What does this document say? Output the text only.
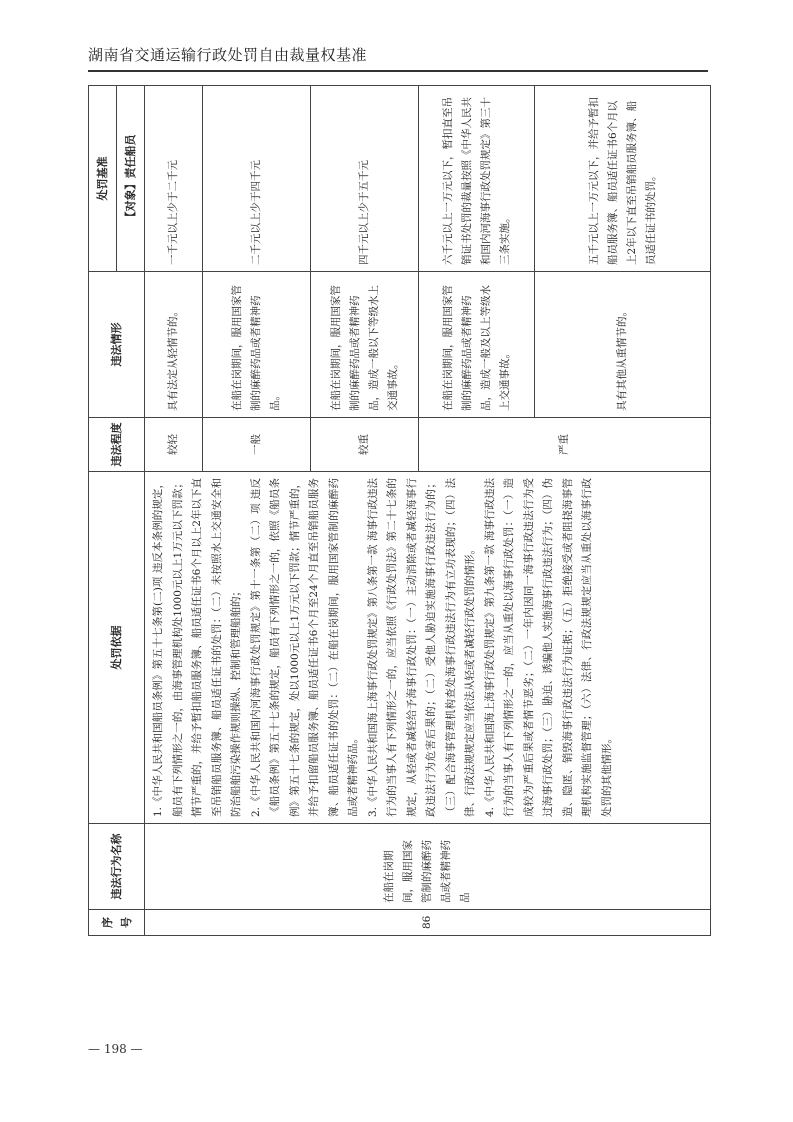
湖南省交通运输行政处罚自由裁量权基准
序号	违法行为名称	处罚依据	违法程度	违法情形	处罚基准
					【对象】责任船员
86	在船在岗期间，服用国家管制的麻醉药品或者精神药品	1.《中华人民共和国船员条例》第五十七条第(二)项 违反本条例的规定，船员有下列情形之一的，由海事管理机构处1000元以上1万元以下罚款；情节严重的，并给予暂扣船员服务簿、船员适任证书6个月以上2年以下直至吊销船员服务簿、船员适任证书的处罚：（二）未按照水上交通安全和防治船舶污染操作规则操纵、控制和管理船舶的； 2.《中华人民共和国内河海事行政处罚规定》第十一条第（二）项 违反《船员条例》第五十七条的规定，船员有下列情形之一的，依照《船员条例》第五十七条的规定，处以1000元以上1万元以下罚款；情节严重的，并给予扣留船员服务簿、船员适任证书6个月至24个月直至吊销船员服务簿、船员适任证书的处罚：（二）在船在岗期间，服用国家管制的麻醉药品或者精神药品。 3.《中华人民共和国海上海事行政处罚规定》第八条第一款 海事行政违法行为的当事人有下列情形之一的，应当依照《行政处罚法》第二十七条的规定，从轻或者减轻给予海事行政处罚：（一）主动消除或者减轻海事行政违法行为危害后果的；（二）受他人胁迫实施海事行政违法行为的；（三）配合海事管理机构查处海事行政违法行为有立功表现的；（四）法律、行政法规规定应当依法从轻或者减轻行政处罚的情形。 4.《中华人民共和国海上海事行政处罚规定》第九条第一款 海事行政违法行为的当事人有下列情形之一的，应当从重处以海事行政处罚：（一）造成较为严重后果或者情节恶劣；（二）一年内因同一海事行政违法行为受过海事行政处罚；（三）胁迫、诱骗他人实施海事行政违法行为；（四）伪造、隐匿、销毁海事行政违法行为证据；（五）拒绝接受或者阻挠海事管理机构实施监督管理；（六）法律、行政法规规定应当从重处以海事行政处罚的其他情形。	较轻	具有法定从轻情节的。	一千元以上少于二千元
			一般	在船在岗期间，服用国家管制的麻醉药品或者精神药品。	二千元以上少于四千元
			较重	在船在岗期间，服用国家管制的麻醉药品或者精神药品，造成一般以下等级水上交通事故。	四千元以上少于五千元
			严重	在船在岗期间，服用国家管制的麻醉药品或者精神药品，造成一般及以上等级水上交通事故。	六千元以上一万元以下，暂扣直至吊销证书处罚的裁量按照《中华人民共和国内河海事行政处罚规定》第三十三条实施。
				具有其他从重情节的。	五千元以上一万元以下，并给予暂扣船员服务簿、船员适任证书6个月以上2年以下直至吊销船员服务簿、船员适任证书的处罚。
— 198 —
